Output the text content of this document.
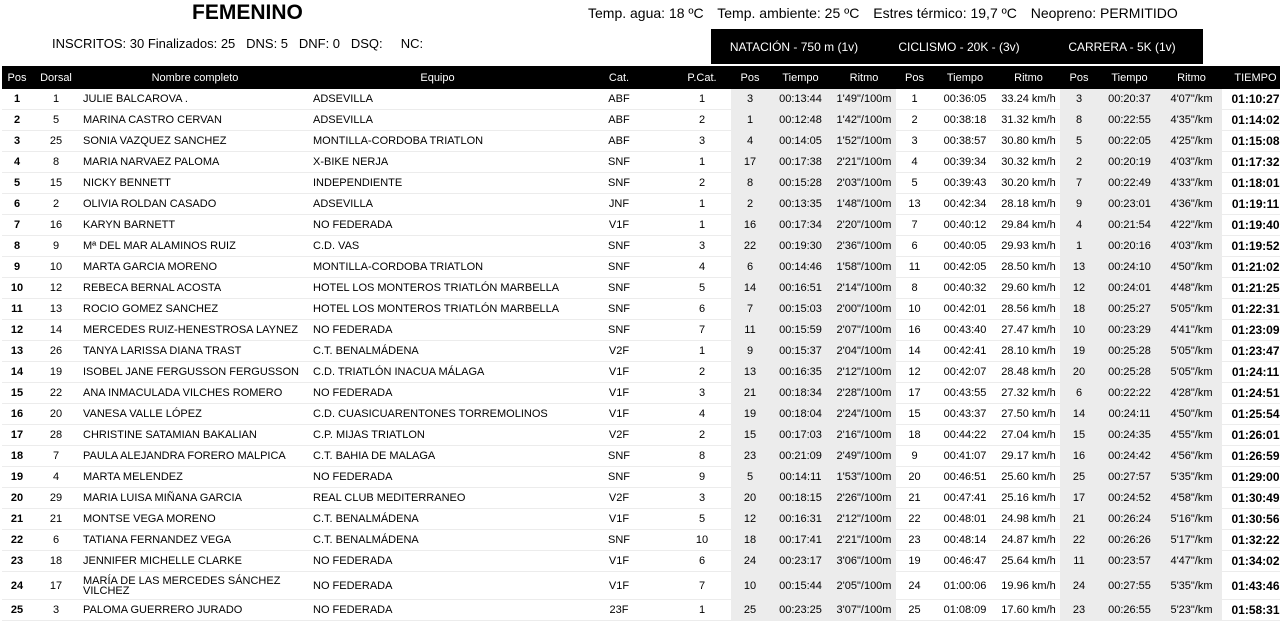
FEMENINO	Temp. agua: 18 ºC Temp. ambiente: 25 ºC Estres térmico: 19,7 ºC Neopreno: PERMITIDO
INSCRITOS: 30 Finalizados: 25   DNS: 5   DNF: 0   DSQ:     NC:	NATACIÓN - 750 m (1v)	CICLISMO - 20K - (3v)	CARRERA - 5K (1v)
Pos	Dorsal	Nombre completo	Equipo	Cat.	P.Cat.	Pos	Tiempo	Ritmo	Pos	Tiempo	Ritmo	Pos	Tiempo	Ritmo	TIEMPO
1	1	JULIE BALCAROVA .	ADSEVILLA	ABF	1	3	00:13:44	1'49"/100m	1	00:36:05	33.24 km/h	3	00:20:37	4'07"/km	01:10:27
2	5	MARINA CASTRO CERVAN	ADSEVILLA	ABF	2	1	00:12:48	1'42"/100m	2	00:38:18	31.32 km/h	8	00:22:55	4'35"/km	01:14:02
3	25	SONIA VAZQUEZ SANCHEZ	MONTILLA-CORDOBA TRIATLON	ABF	3	4	00:14:05	1'52"/100m	3	00:38:57	30.80 km/h	5	00:22:05	4'25"/km	01:15:08
4	8	MARIA NARVAEZ PALOMA	X-BIKE NERJA	SNF	1	17	00:17:38	2'21"/100m	4	00:39:34	30.32 km/h	2	00:20:19	4'03"/km	01:17:32
5	15	NICKY BENNETT	INDEPENDIENTE	SNF	2	8	00:15:28	2'03"/100m	5	00:39:43	30.20 km/h	7	00:22:49	4'33"/km	01:18:01
6	2	OLIVIA ROLDAN CASADO	ADSEVILLA	JNF	1	2	00:13:35	1'48"/100m	13	00:42:34	28.18 km/h	9	00:23:01	4'36"/km	01:19:11
7	16	KARYN BARNETT	NO FEDERADA	V1F	1	16	00:17:34	2'20"/100m	7	00:40:12	29.84 km/h	4	00:21:54	4'22"/km	01:19:40
8	9	Mª DEL MAR ALAMINOS RUIZ	C.D. VAS	SNF	3	22	00:19:30	2'36"/100m	6	00:40:05	29.93 km/h	1	00:20:16	4'03"/km	01:19:52
9	10	MARTA GARCIA MORENO	MONTILLA-CORDOBA TRIATLON	SNF	4	6	00:14:46	1'58"/100m	11	00:42:05	28.50 km/h	13	00:24:10	4'50"/km	01:21:02
10	12	REBECA BERNAL ACOSTA	HOTEL LOS MONTEROS TRIATLÓN MARBELLA	SNF	5	14	00:16:51	2'14"/100m	8	00:40:32	29.60 km/h	12	00:24:01	4'48"/km	01:21:25
11	13	ROCIO GOMEZ SANCHEZ	HOTEL LOS MONTEROS TRIATLÓN MARBELLA	SNF	6	7	00:15:03	2'00"/100m	10	00:42:01	28.56 km/h	18	00:25:27	5'05"/km	01:22:31
12	14	MERCEDES RUIZ-HENESTROSA LAYNEZ	NO FEDERADA	SNF	7	11	00:15:59	2'07"/100m	16	00:43:40	27.47 km/h	10	00:23:29	4'41"/km	01:23:09
13	26	TANYA LARISSA DIANA TRAST	C.T. BENALMÁDENA	V2F	1	9	00:15:37	2'04"/100m	14	00:42:41	28.10 km/h	19	00:25:28	5'05"/km	01:23:47
14	19	ISOBEL JANE FERGUSSON FERGUSSON	C.D. TRIATLÓN INACUA MÁLAGA	V1F	2	13	00:16:35	2'12"/100m	12	00:42:07	28.48 km/h	20	00:25:28	5'05"/km	01:24:11
15	22	ANA INMACULADA VILCHES ROMERO	NO FEDERADA	V1F	3	21	00:18:34	2'28"/100m	17	00:43:55	27.32 km/h	6	00:22:22	4'28"/km	01:24:51
16	20	VANESA VALLE LÓPEZ	C.D. CUASICUARENTONES TORREMOLINOS	V1F	4	19	00:18:04	2'24"/100m	15	00:43:37	27.50 km/h	14	00:24:11	4'50"/km	01:25:54
17	28	CHRISTINE SATAMIAN BAKALIAN	C.P. MIJAS TRIATLON	V2F	2	15	00:17:03	2'16"/100m	18	00:44:22	27.04 km/h	15	00:24:35	4'55"/km	01:26:01
18	7	PAULA ALEJANDRA FORERO MALPICA	C.T. BAHIA DE MALAGA	SNF	8	23	00:21:09	2'49"/100m	9	00:41:07	29.17 km/h	16	00:24:42	4'56"/km	01:26:59
19	4	MARTA MELENDEZ	NO FEDERADA	SNF	9	5	00:14:11	1'53"/100m	20	00:46:51	25.60 km/h	25	00:27:57	5'35"/km	01:29:00
20	29	MARIA LUISA MIÑANA GARCIA	REAL CLUB MEDITERRANEO	V2F	3	20	00:18:15	2'26"/100m	21	00:47:41	25.16 km/h	17	00:24:52	4'58"/km	01:30:49
21	21	MONTSE VEGA MORENO	C.T. BENALMÁDENA	V1F	5	12	00:16:31	2'12"/100m	22	00:48:01	24.98 km/h	21	00:26:24	5'16"/km	01:30:56
22	6	TATIANA FERNANDEZ VEGA	C.T. BENALMÁDENA	SNF	10	18	00:17:41	2'21"/100m	23	00:48:14	24.87 km/h	22	00:26:26	5'17"/km	01:32:22
23	18	JENNIFER MICHELLE CLARKE	NO FEDERADA	V1F	6	24	00:23:17	3'06"/100m	19	00:46:47	25.64 km/h	11	00:23:57	4'47"/km	01:34:02
24	17	MARÍA DE LAS MERCEDES SÁNCHEZ VILCHEZ	NO FEDERADA	V1F	7	10	00:15:44	2'05"/100m	24	01:00:06	19.96 km/h	24	00:27:55	5'35"/km	01:43:46
25	3	PALOMA GUERRERO JURADO	NO FEDERADA	23F	1	25	00:23:25	3'07"/100m	25	01:08:09	17.60 km/h	23	00:26:55	5'23"/km	01:58:31
